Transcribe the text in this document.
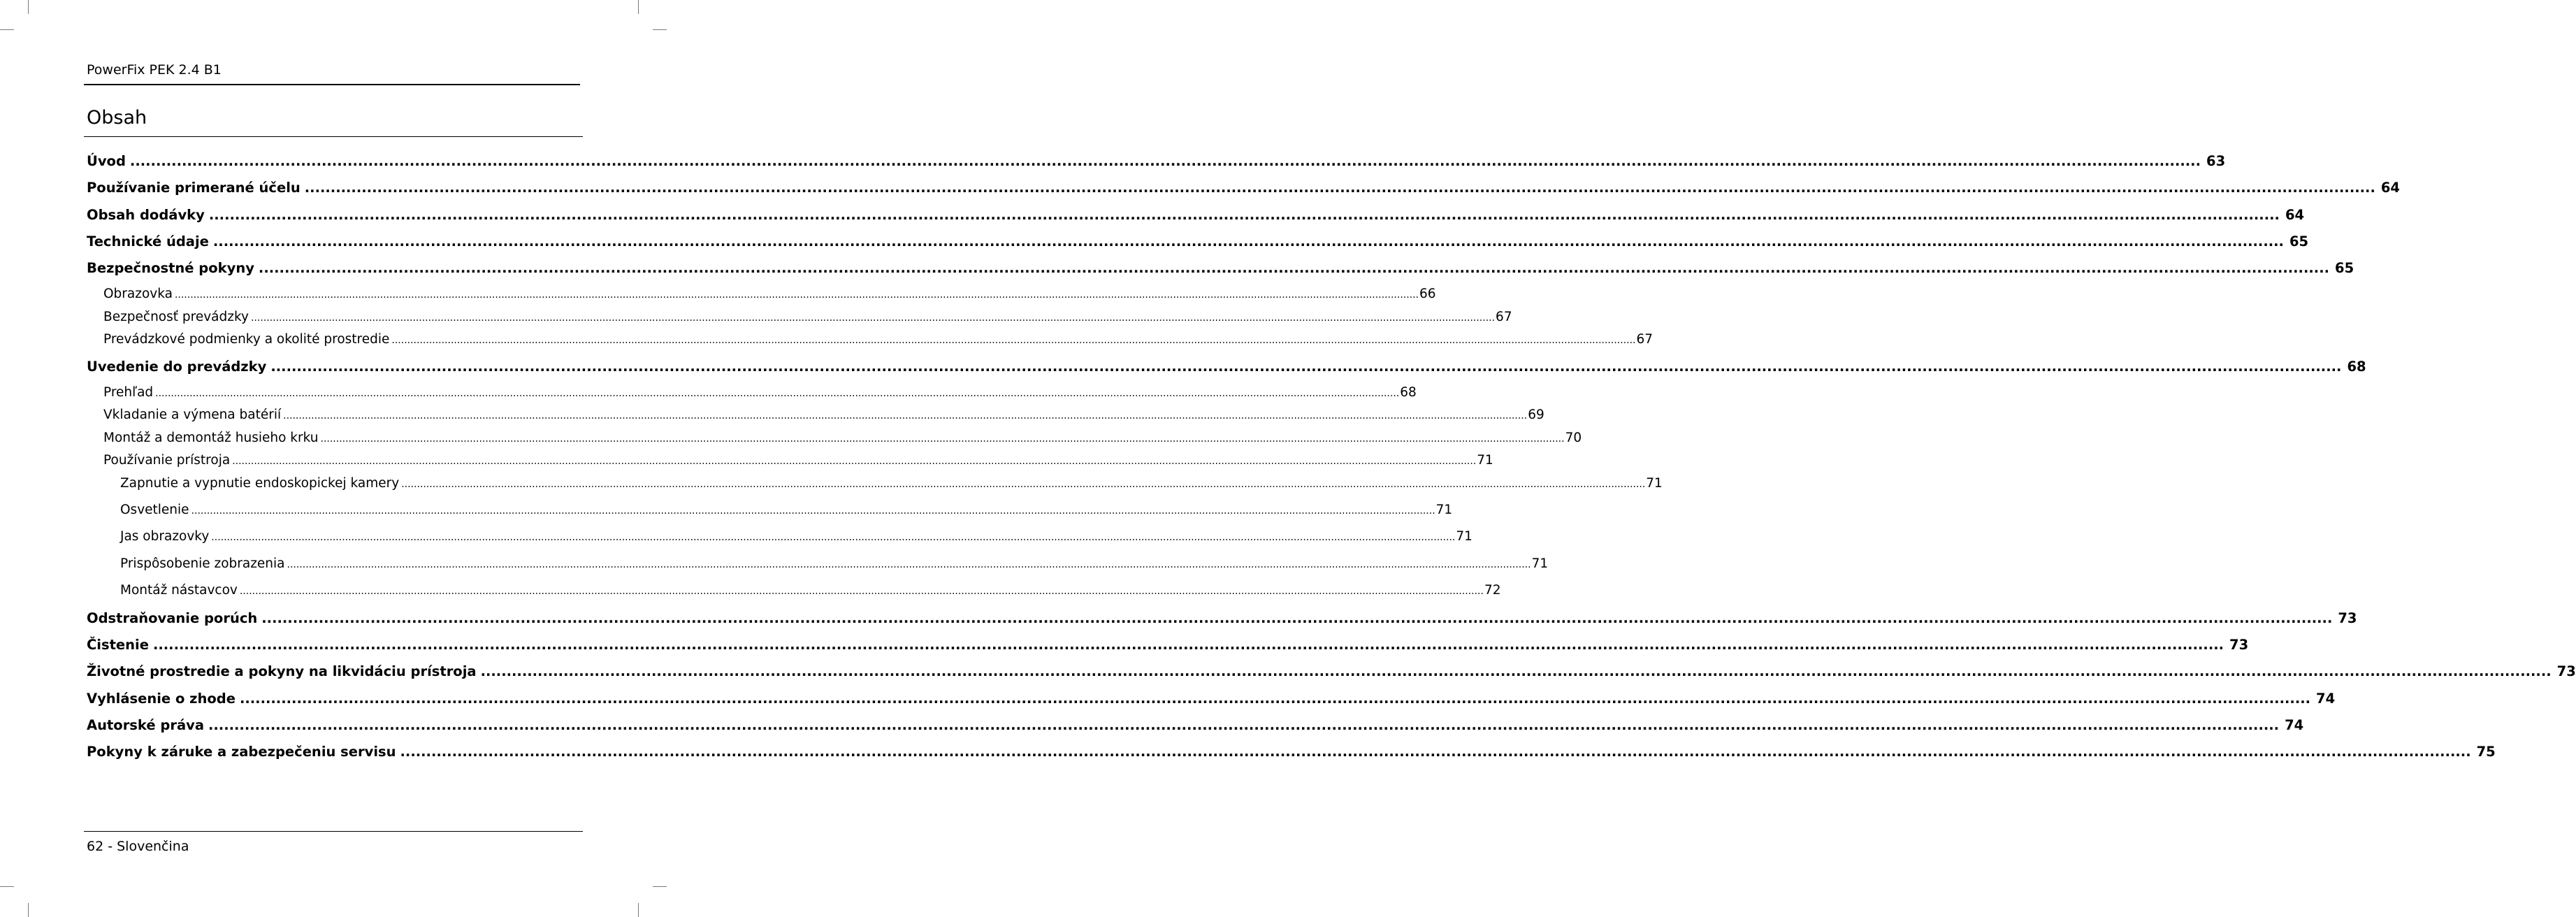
PowerFix PEK 2.4 B1
Obsah
Úvod ................................................................................................................................................................................................................................................................................................................................................................................................................ 63
Používanie primerané účelu ................................................................................................................................................................................................................................................................................................................................................................................................................ 64
Obsah dodávky ................................................................................................................................................................................................................................................................................................................................................................................................................ 64
Technické údaje ................................................................................................................................................................................................................................................................................................................................................................................................................ 65
Bezpečnostné pokyny ................................................................................................................................................................................................................................................................................................................................................................................................................ 65
Obrazovka ................................................................................................................................................................................................................................................................................................................................................................................................................ 66
Bezpečnosť prevádzky ................................................................................................................................................................................................................................................................................................................................................................................................................ 67
Prevádzkové podmienky a okolité prostredie ................................................................................................................................................................................................................................................................................................................................................................................................................ 67
Uvedenie do prevádzky ................................................................................................................................................................................................................................................................................................................................................................................................................ 68
Prehľad ................................................................................................................................................................................................................................................................................................................................................................................................................ 68
Vkladanie a výmena batérií ................................................................................................................................................................................................................................................................................................................................................................................................................ 69
Montáž a demontáž husieho krku ................................................................................................................................................................................................................................................................................................................................................................................................................ 70
Používanie prístroja ................................................................................................................................................................................................................................................................................................................................................................................................................ 71
Zapnutie a vypnutie endoskopickej kamery ................................................................................................................................................................................................................................................................................................................................................................................................................ 71
Osvetlenie ................................................................................................................................................................................................................................................................................................................................................................................................................ 71
Jas obrazovky ................................................................................................................................................................................................................................................................................................................................................................................................................ 71
Prispôsobenie zobrazenia ................................................................................................................................................................................................................................................................................................................................................................................................................ 71
Montáž nástavcov ................................................................................................................................................................................................................................................................................................................................................................................................................ 72
Odstraňovanie porúch ................................................................................................................................................................................................................................................................................................................................................................................................................ 73
Čistenie ................................................................................................................................................................................................................................................................................................................................................................................................................ 73
Životné prostredie a pokyny na likvidáciu prístroja ................................................................................................................................................................................................................................................................................................................................................................................................................ 73
Vyhlásenie o zhode ................................................................................................................................................................................................................................................................................................................................................................................................................ 74
Autorské práva ................................................................................................................................................................................................................................................................................................................................................................................................................ 74
Pokyny k záruke a zabezpečeniu servisu ................................................................................................................................................................................................................................................................................................................................................................................................................ 75
62 - Slovenčina
